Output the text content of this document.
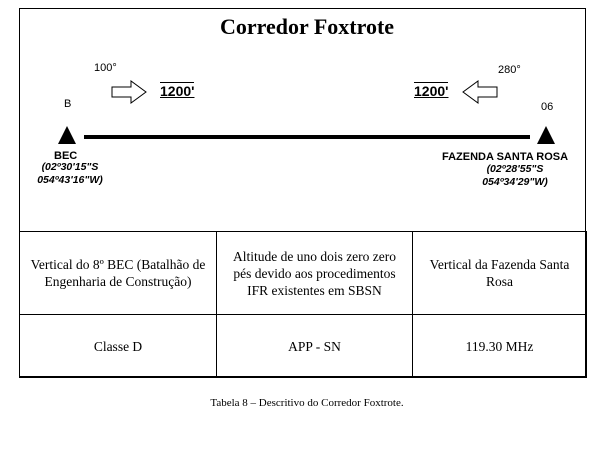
Corredor Foxtrote
100°	280°
1200'	1200'
B	06
BEC
(02º30'15"S
054º43'16"W)
FAZENDA SANTA ROSA
(02º28'55"S
054º34'29"W)
Vertical do 8º BEC (Batalhão de Engenharia de Construção)	Altitude de uno dois zero zero pés devido aos procedimentos IFR existentes em SBSN	Vertical da Fazenda Santa Rosa
Classe D	APP - SN	119.30 MHz
Tabela 8 – Descritivo do Corredor Foxtrote.
